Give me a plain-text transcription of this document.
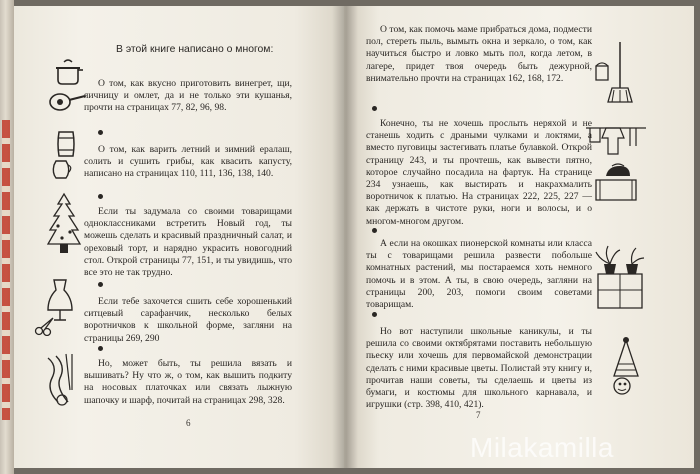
В этой книге написано о многом:

О том, как вкусно приготовить винегрет, щи, яичницу и омлет, да и не только эти кушанья, прочти на страницах 77, 82, 96, 98.

О том, как варить летний и зимний ералаш, солить и сушить грибы, как квасить капусту, написано на страницах 110, 111, 136, 138, 140.

Если ты задумала со своими товарищами одноклассниками встретить Новый год, ты можешь сделать и красивый праздничный салат, и ореховый торт, и нарядно украсить новогодний стол. Открой страницы 77, 151, и ты увидишь, что все это не так трудно.

Если тебе захочется сшить себе хорошенький ситцевый сарафанчик, несколько белых воротничков к школьной форме, загляни на страницы 269, 290

Но, может быть, ты решила вязать и вышивать? Ну что ж, о том, как вышить подкиту на носовых платочках или связать лыжную шапочку и шарф, почитай на страницах 298, 328.

6

О том, как помочь маме прибраться дома, подмести пол, стереть пыль, вымыть окна и зеркало, о том, как научиться быстро и ловко мыть пол, когда летом, в лагере, придет твоя очередь быть дежурной, внимательно прочти на страницах 162, 168, 172.

Конечно, ты не хочешь прослыть неряхой и не станешь ходить с драными чулками и локтями, а вместо пуговицы застегивать платье булавкой. Открой страницу 243, и ты прочтешь, как вывести пятно, которое случайно посадила на фартук. На странице 234 узнаешь, как выстирать и накрахмалить воротничок к платью. На страницах 222, 225, 227 — как держать в чистоте руки, ноги и волосы, и о многом-многом другом.

А если на окошках пионерской комнаты или класса ты с товарищами решила развести побольше комнатных растений, мы постараемся хоть немного помочь и в этом. А ты, в свою очередь, загляни на страницы 200, 203, помоги своим советами товарищам.

Но вот наступили школьные каникулы, и ты решила со своими октябрятами поставить небольшую пьеску или хочешь для первомайской демонстрации сделать с ними красивые цветы. Полистай эту книгу и, прочитав наши советы, ты сделаешь и цветы из бумаги, и костюмы для школьного карнавала, и игрушки (стр. 398, 410, 421).

7
Milakamilla
